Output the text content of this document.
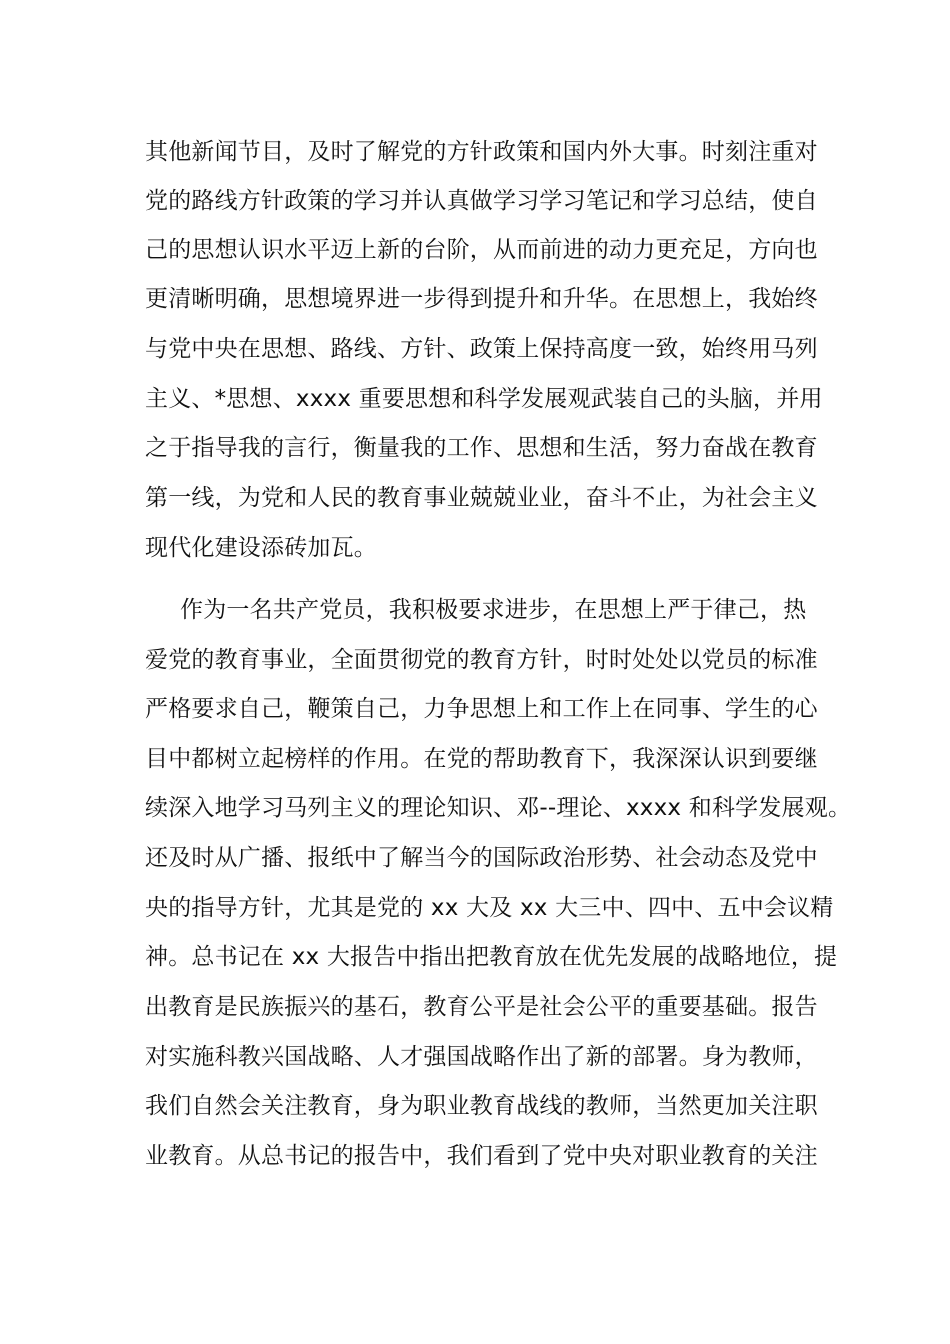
其他新闻节目，及时了解党的方针政策和国内外大事。时刻注重对
党的路线方针政策的学习并认真做学习学习笔记和学习总结，使自
己的思想认识水平迈上新的台阶，从而前进的动力更充足，方向也
更清晰明确，思想境界进一步得到提升和升华。在思想上，我始终
与党中央在思想、路线、方针、政策上保持高度一致，始终用马列
主义、*思想、xxxx 重要思想和科学发展观武装自己的头脑，并用
之于指导我的言行，衡量我的工作、思想和生活，努力奋战在教育
第一线，为党和人民的教育事业兢兢业业，奋斗不止，为社会主义
现代化建设添砖加瓦。
作为一名共产党员，我积极要求进步，在思想上严于律己，热
爱党的教育事业，全面贯彻党的教育方针，时时处处以党员的标准
严格要求自己，鞭策自己，力争思想上和工作上在同事、学生的心
目中都树立起榜样的作用。在党的帮助教育下，我深深认识到要继
续深入地学习马列主义的理论知识、邓--理论、xxxx 和科学发展观。
还及时从广播、报纸中了解当今的国际政治形势、社会动态及党中
央的指导方针，尤其是党的 xx 大及 xx 大三中、四中、五中会议精
神。总书记在 xx 大报告中指出把教育放在优先发展的战略地位，提
出教育是民族振兴的基石，教育公平是社会公平的重要基础。报告
对实施科教兴国战略、人才强国战略作出了新的部署。身为教师，
我们自然会关注教育，身为职业教育战线的教师，当然更加关注职
业教育。从总书记的报告中，我们看到了党中央对职业教育的关注
